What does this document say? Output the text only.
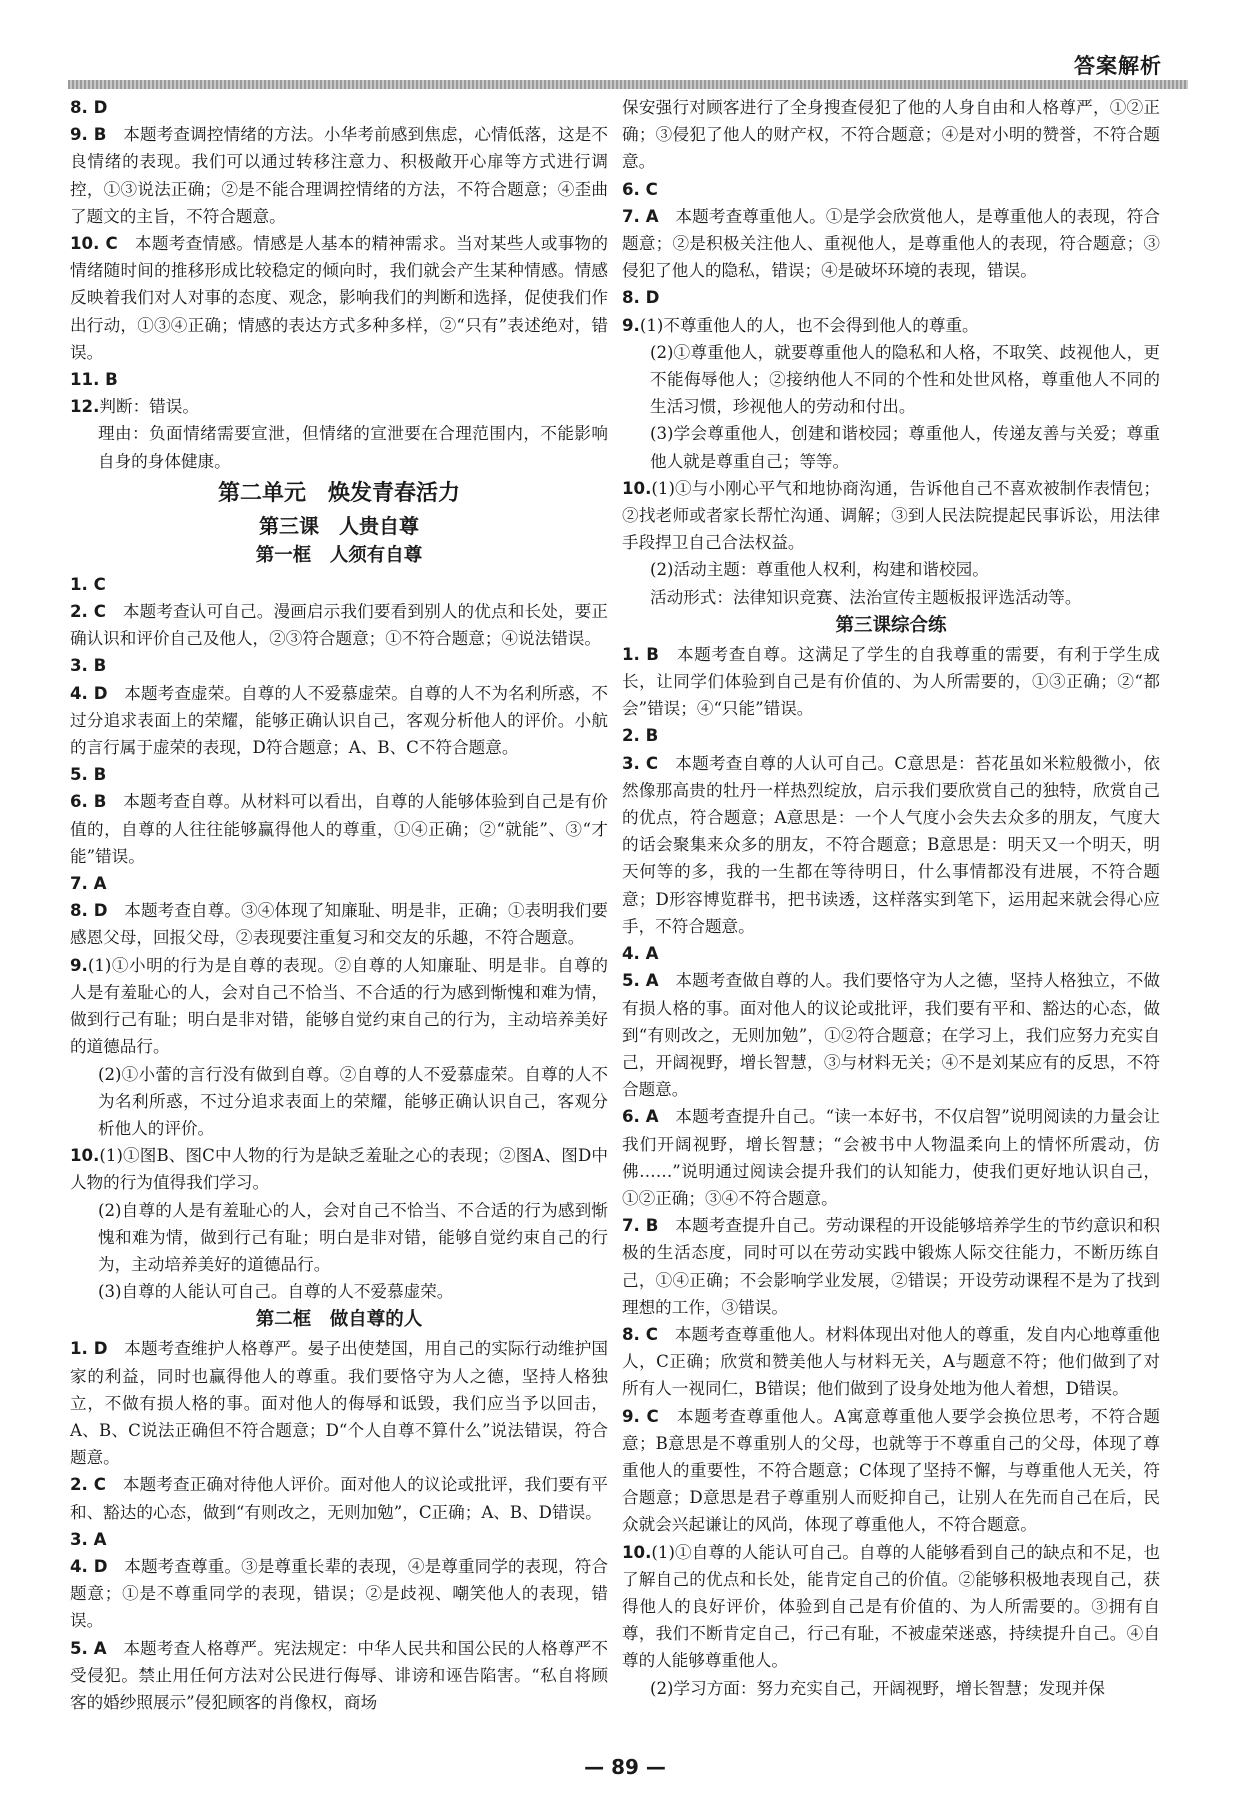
答案解析

8. D

9. B　 本题考查调控情绪的方法。小华考前感到焦虑，心情低落，这是不良情绪的表现。我们可以通过转移注意力、积极敞开心扉等方式进行调控，①③说法正确；②是不能合理调控情绪的方法，不符合题意；④歪曲了题文的主旨，不符合题意。

10. C　 本题考查情感。情感是人基本的精神需求。当对某些人或事物的情绪随时间的推移形成比较稳定的倾向时，我们就会产生某种情感。情感反映着我们对人对事的态度、观念，影响我们的判断和选择，促使我们作出行动，①③④正确；情感的表达方式多种多样，②“只有”表述绝对，错误。

11. B

12.判断：错误。

理由：负面情绪需要宣泄，但情绪的宣泄要在合理范围内，不能影响自身的身体健康。

第二单元　焕发青春活力
第三课　人贵自尊
第一框　人须有自尊

1. C

2. C　 本题考查认可自己。漫画启示我们要看到别人的优点和长处，要正确认识和评价自己及他人，②③符合题意；①不符合题意；④说法错误。

3. B

4. D　 本题考查虚荣。自尊的人不爱慕虚荣。自尊的人不为名利所惑，不过分追求表面上的荣耀，能够正确认识自己，客观分析他人的评价。小航的言行属于虚荣的表现，D符合题意；A、B、C不符合题意。

5. B

6. B　 本题考查自尊。从材料可以看出，自尊的人能够体验到自己是有价值的，自尊的人往往能够赢得他人的尊重，①④正确；②“就能”、③“才能”错误。

7. A

8. D　 本题考查自尊。③④体现了知廉耻、明是非，正确；①表明我们要感恩父母，回报父母，②表现要注重复习和交友的乐趣，不符合题意。

9.(1)①小明的行为是自尊的表现。②自尊的人知廉耻、明是非。自尊的人是有羞耻心的人，会对自己不恰当、不合适的行为感到惭愧和难为情，做到行己有耻；明白是非对错，能够自觉约束自己的行为，主动培养美好的道德品行。

(2)①小蕾的言行没有做到自尊。②自尊的人不爱慕虚荣。自尊的人不为名利所惑，不过分追求表面上的荣耀，能够正确认识自己，客观分析他人的评价。

10.(1)①图B、图C中人物的行为是缺乏羞耻之心的表现；②图A、图D中人物的行为值得我们学习。

(2)自尊的人是有羞耻心的人，会对自己不恰当、不合适的行为感到惭愧和难为情，做到行己有耻；明白是非对错，能够自觉约束自己的行为，主动培养美好的道德品行。

(3)自尊的人能认可自己。自尊的人不爱慕虚荣。

第二框　做自尊的人

1. D　 本题考查维护人格尊严。晏子出使楚国，用自己的实际行动维护国家的利益，同时也赢得他人的尊重。我们要恪守为人之德，坚持人格独立，不做有损人格的事。面对他人的侮辱和诋毁，我们应当予以回击，A、B、C说法正确但不符合题意；D“个人自尊不算什么”说法错误，符合题意。

2. C　 本题考查正确对待他人评价。面对他人的议论或批评，我们要有平和、豁达的心态，做到“有则改之，无则加勉”，C正确；A、B、D错误。

3. A

4. D　 本题考查尊重。③是尊重长辈的表现，④是尊重同学的表现，符合题意；①是不尊重同学的表现，错误；②是歧视、嘲笑他人的表现，错误。

5. A　 本题考查人格尊严。宪法规定：中华人民共和国公民的人格尊严不受侵犯。禁止用任何方法对公民进行侮辱、诽谤和诬告陷害。“私自将顾客的婚纱照展示”侵犯顾客的肖像权，商场

保安强行对顾客进行了全身搜查侵犯了他的人身自由和人格尊严，①②正确；③侵犯了他人的财产权，不符合题意；④是对小明的赞誉，不符合题意。

6. C

7. A　 本题考查尊重他人。①是学会欣赏他人，是尊重他人的表现，符合题意；②是积极关注他人、重视他人，是尊重他人的表现，符合题意；③侵犯了他人的隐私，错误；④是破坏环境的表现，错误。

8. D

9.(1)不尊重他人的人，也不会得到他人的尊重。

(2)①尊重他人，就要尊重他人的隐私和人格，不取笑、歧视他人，更不能侮辱他人；②接纳他人不同的个性和处世风格，尊重他人不同的生活习惯，珍视他人的劳动和付出。

(3)学会尊重他人，创建和谐校园；尊重他人，传递友善与关爱；尊重他人就是尊重自己；等等。

10.(1)①与小刚心平气和地协商沟通，告诉他自己不喜欢被制作表情包；②找老师或者家长帮忙沟通、调解；③到人民法院提起民事诉讼，用法律手段捍卫自己合法权益。

(2)活动主题：尊重他人权利，构建和谐校园。

活动形式：法律知识竞赛、法治宣传主题板报评选活动等。

第三课综合练

1. B　 本题考查自尊。这满足了学生的自我尊重的需要，有利于学生成长，让同学们体验到自己是有价值的、为人所需要的，①③正确；②“都会”错误；④“只能”错误。

2. B

3. C　 本题考查自尊的人认可自己。C意思是：苔花虽如米粒般微小，依然像那高贵的牡丹一样热烈绽放，启示我们要欣赏自己的独特，欣赏自己的优点，符合题意；A意思是：一个人气度小会失去众多的朋友，气度大的话会聚集来众多的朋友，不符合题意；B意思是：明天又一个明天，明天何等的多，我的一生都在等待明日，什么事情都没有进展，不符合题意；D形容博览群书，把书读透，这样落实到笔下，运用起来就会得心应手，不符合题意。

4. A

5. A　 本题考查做自尊的人。我们要恪守为人之德，坚持人格独立，不做有损人格的事。面对他人的议论或批评，我们要有平和、豁达的心态，做到“有则改之，无则加勉”，①②符合题意；在学习上，我们应努力充实自己，开阔视野，增长智慧，③与材料无关；④不是刘某应有的反思，不符合题意。

6. A　 本题考查提升自己。“读一本好书，不仅启智”说明阅读的力量会让我们开阔视野，增长智慧；“会被书中人物温柔向上的情怀所震动，仿佛……”说明通过阅读会提升我们的认知能力，使我们更好地认识自己，①②正确；③④不符合题意。

7. B　 本题考查提升自己。劳动课程的开设能够培养学生的节约意识和积极的生活态度，同时可以在劳动实践中锻炼人际交往能力，不断历练自己，①④正确；不会影响学业发展，②错误；开设劳动课程不是为了找到理想的工作，③错误。

8. C　 本题考查尊重他人。材料体现出对他人的尊重，发自内心地尊重他人，C正确；欣赏和赞美他人与材料无关，A与题意不符；他们做到了对所有人一视同仁，B错误；他们做到了设身处地为他人着想，D错误。

9. C　 本题考查尊重他人。A寓意尊重他人要学会换位思考，不符合题意；B意思是不尊重别人的父母，也就等于不尊重自己的父母，体现了尊重他人的重要性，不符合题意；C体现了坚持不懈，与尊重他人无关，符合题意；D意思是君子尊重别人而贬抑自己，让别人在先而自己在后，民众就会兴起谦让的风尚，体现了尊重他人，不符合题意。

10.(1)①自尊的人能认可自己。自尊的人能够看到自己的缺点和不足，也了解自己的优点和长处，能肯定自己的价值。②能够积极地表现自己，获得他人的良好评价，体验到自己是有价值的、为人所需要的。③拥有自尊，我们不断肯定自己，行己有耻，不被虚荣迷惑，持续提升自己。④自尊的人能够尊重他人。

(2)学习方面：努力充实自己，开阔视野，增长智慧；发现并保

— 89 —
